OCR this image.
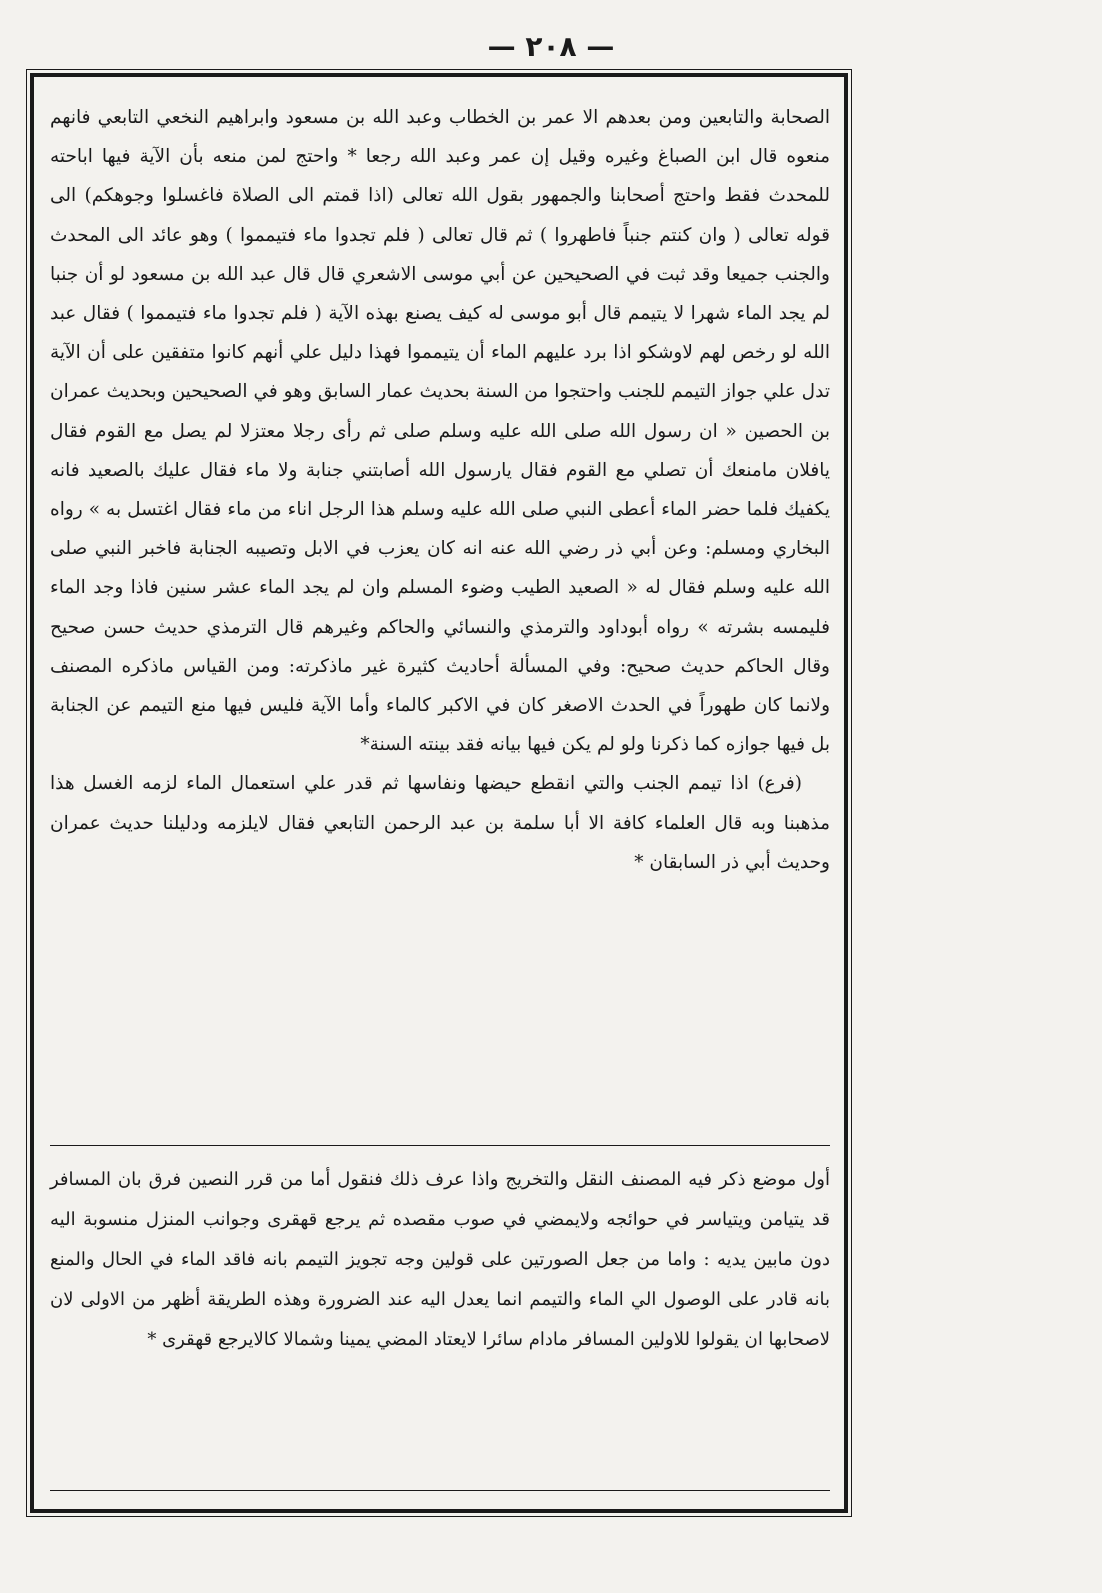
— ٢٠٨ —

الصحابة والتابعين ومن بعدهم الا عمر بن الخطاب وعبد الله بن مسعود وابراهيم النخعي التابعي فانهم منعوه قال ابن الصباغ وغيره وقيل إن عمر وعبد الله رجعا * واحتج لمن منعه بأن الآية فيها اباحته للمحدث فقط واحتج أصحابنا والجمهور بقول الله تعالى (اذا قمتم الى الصلاة فاغسلوا وجوهكم) الى قوله تعالى ( وان كنتم جنباً فاطهروا ) ثم قال تعالى ( فلم تجدوا ماء فتيمموا ) وهو عائد الى المحدث والجنب جميعا وقد ثبت في الصحيحين عن أبي موسى الاشعري قال قال عبد الله بن مسعود لو أن جنبا لم يجد الماء شهرا لا يتيمم قال أبو موسى له كيف يصنع بهذه الآية ( فلم تجدوا ماء فتيمموا ) فقال عبد الله لو رخص لهم لاوشكو اذا برد عليهم الماء أن يتيمموا فهذا دليل علي أنهم كانوا متفقين على أن الآية تدل علي جواز التيمم للجنب واحتجوا من السنة بحديث عمار السابق وهو في الصحيحين وبحديث عمران بن الحصين « ان رسول الله صلى الله عليه وسلم صلى ثم رأى رجلا معتزلا لم يصل مع القوم فقال يافلان مامنعك أن تصلي مع القوم فقال يارسول الله أصابتني جنابة ولا ماء فقال عليك بالصعيد فانه يكفيك فلما حضر الماء أعطى النبي صلى الله عليه وسلم هذا الرجل اناء من ماء فقال اغتسل به » رواه البخاري ومسلم: وعن أبي ذر رضي الله عنه انه كان يعزب في الابل وتصيبه الجنابة فاخبر النبي صلى الله عليه وسلم فقال له « الصعيد الطيب وضوء المسلم وان لم يجد الماء عشر سنين فاذا وجد الماء فليمسه بشرته » رواه أبوداود والترمذي والنسائي والحاكم وغيرهم قال الترمذي حديث حسن صحيح وقال الحاكم حديث صحيح: وفي المسألة أحاديث كثيرة غير ماذكرته: ومن القياس ماذكره المصنف ولانما كان طهوراً في الحدث الاصغر كان في الاكبر كالماء وأما الآية فليس فيها منع التيمم عن الجنابة بل فيها جوازه كما ذكرنا ولو لم يكن فيها بيانه فقد بينته السنة*

(فرع) اذا تيمم الجنب والتي انقطع حيضها ونفاسها ثم قدر علي استعمال الماء لزمه الغسل هذا مذهبنا وبه قال العلماء كافة الا أبا سلمة بن عبد الرحمن التابعي فقال لايلزمه ودليلنا حديث عمران وحديث أبي ذر السابقان *

أول موضع ذكر فيه المصنف النقل والتخريج واذا عرف ذلك فنقول أما من قرر النصين فرق بان المسافر قد يتيامن ويتياسر في حوائجه ولايمضي في صوب مقصده ثم يرجع قهقرى وجوانب المنزل منسوبة اليه دون مابين يديه : واما من جعل الصورتين على قولين وجه تجويز التيمم بانه فاقد الماء في الحال والمنع بانه قادر على الوصول الي الماء والتيمم انما يعدل اليه عند الضرورة وهذه الطريقة أظهر من الاولى لان لاصحابها ان يقولوا للاولين المسافر مادام سائرا لايعتاد المضي يمينا وشمالا كالايرجع قهقرى *
